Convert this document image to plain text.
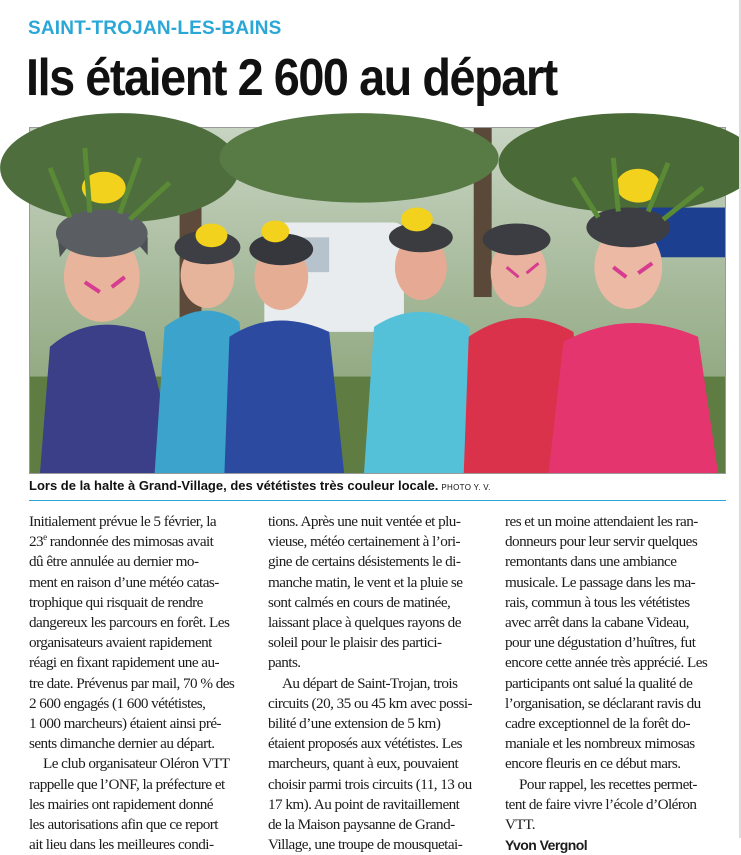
SAINT-TROJAN-LES-BAINS
Ils étaient 2 600 au départ
Lors de la halte à Grand-Village, des vététistes très couleur locale. PHOTO Y. V.
Initialement prévue le 5 février, la
23e randonnée des mimosas avait
dû être annulée au dernier mo-
ment en raison d’une météo catas-
trophique qui risquait de rendre
dangereux les parcours en forêt. Les
organisateurs avaient rapidement
réagi en fixant rapidement une au-
tre date. Prévenus par mail, 70 % des
2 600 engagés (1 600 vététistes,
1 000 marcheurs) étaient ainsi pré-
sents dimanche dernier au départ.
Le club organisateur Oléron VTT
rappelle que l’ONF, la préfecture et
les mairies ont rapidement donné
les autorisations afin que ce report
ait lieu dans les meilleures condi-
tions. Après une nuit ventée et plu-
vieuse, météo certainement à l’ori-
gine de certains désistements le di-
manche matin, le vent et la pluie se
sont calmés en cours de matinée,
laissant place à quelques rayons de
soleil pour le plaisir des partici-
pants.
Au départ de Saint-Trojan, trois
circuits (20, 35 ou 45 km avec possi-
bilité d’une extension de 5 km)
étaient proposés aux vététistes. Les
marcheurs, quant à eux, pouvaient
choisir parmi trois circuits (11, 13 ou
17 km). Au point de ravitaillement
de la Maison paysanne de Grand-
Village, une troupe de mousquetai-
res et un moine attendaient les ran-
donneurs pour leur servir quelques
remontants dans une ambiance
musicale. Le passage dans les ma-
rais, commun à tous les vététistes
avec arrêt dans la cabane Videau,
pour une dégustation d’huîtres, fut
encore cette année très apprécié. Les
participants ont salué la qualité de
l’organisation, se déclarant ravis du
cadre exceptionnel de la forêt do-
maniale et les nombreux mimosas
encore fleuris en ce début mars.
Pour rappel, les recettes permet-
tent de faire vivre l’école d’Oléron
VTT.
Yvon Vergnol
